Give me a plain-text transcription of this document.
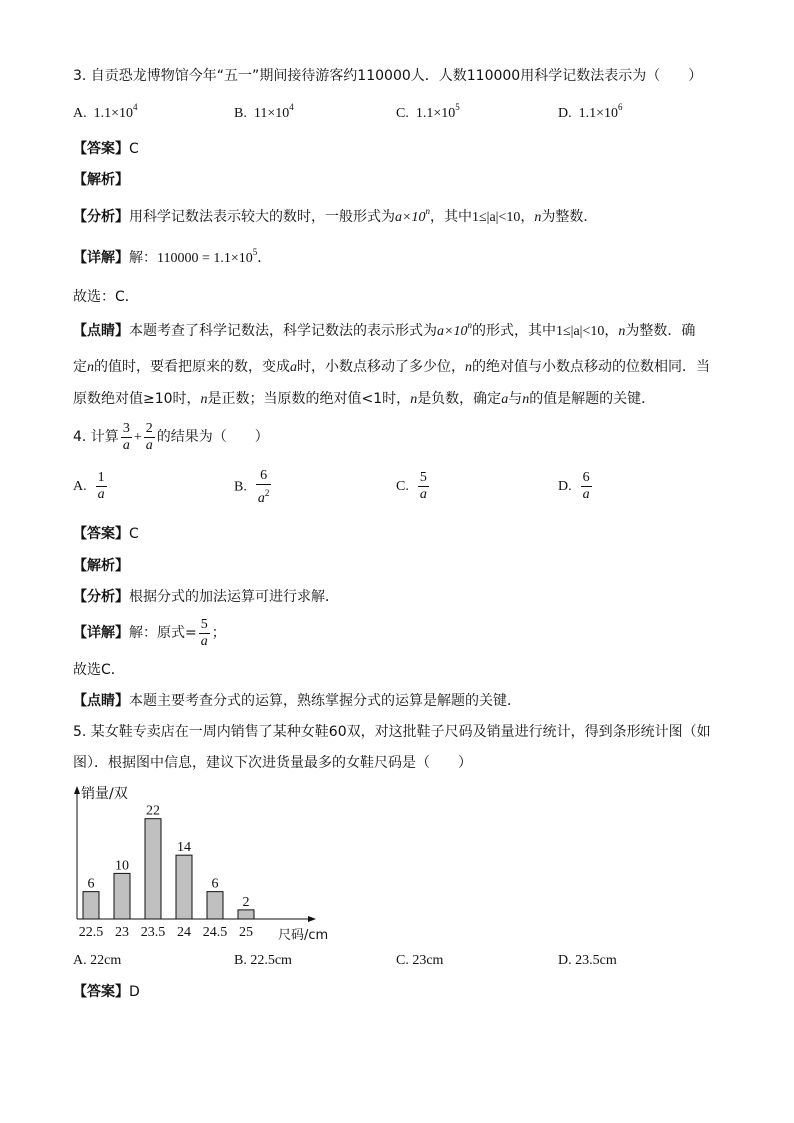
3. 自贡恐龙博物馆今年“五一”期间接待游客约110000人．人数110000用科学记数法表示为（　　）
A. $1.1\times 10^4$	B. $11\times 10^4$	C. $1.1\times 10^5$	D. $1.1\times 10^6$
【答案】C
【解析】
【分析】用科学记数法表示较大的数时，一般形式为$a\times 10^n$，其中1≤|a|<10，n为整数．
【详解】解：$110000 = 1.1\times 10^5$．
故选：C．
【点睛】本题考查了科学记数法，科学记数法的表示形式为$a\times 10^n$的形式，其中1≤|a|<10，n为整数．确
定n的值时，要看把原来的数，变成a时，小数点移动了多少位，n的绝对值与小数点移动的位数相同．当
原数绝对值≥10时，n是正数；当原数的绝对值<1时，n是负数，确定a与n的值是解题的关键．
4. 计算 $\frac{3}{a} + \frac{2}{a}$ 的结果为（　　）
A. $\frac{1}{a}$	B. $\frac{6}{a^2}$	C. $\frac{5}{a}$	D. $\frac{6}{a}$
【答案】C
【解析】
【分析】根据分式的加法运算可进行求解．
【详解】解：原式= $\frac{5}{a}$ ；
故选C．
【点睛】本题主要考查分式的运算，熟练掌握分式的运算是解题的关键．
5. 某女鞋专卖店在一周内销售了某种女鞋60双，对这批鞋子尺码及销量进行统计，得到条形统计图（如
图）．根据图中信息，建议下次进货量最多的女鞋尺码是（　　）
销量/双
尺码/cm
6
22.5
10
23
22
23.5
14
24
6
24.5
2
25
A. 22cm	B. 22.5cm	C. 23cm	D. 23.5cm
【答案】D
